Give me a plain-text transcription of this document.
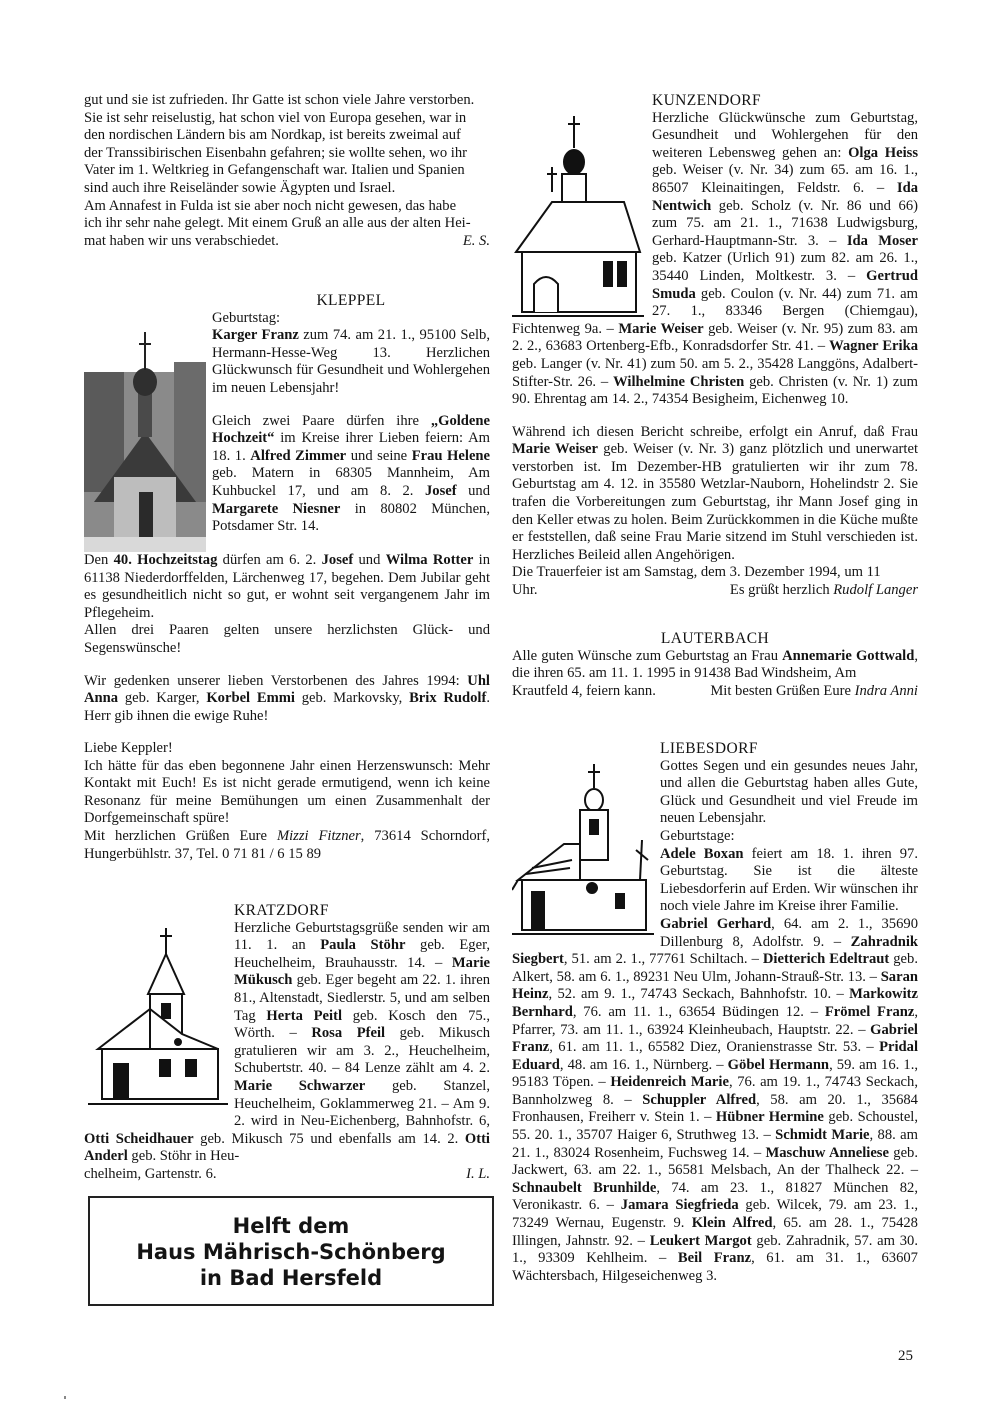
gut und sie ist zufrieden. Ihr Gatte ist schon viele Jahre verstorben.

Sie ist sehr reiselustig, hat schon viel von Europa gesehen, war in

den nordischen Ländern bis am Nordkap, ist bereits zweimal auf

der Transsibirischen Eisenbahn gefahren; sie wollte sehen, wo ihr

Vater im 1. Weltkrieg in Gefangenschaft war. Italien und Spanien

sind auch ihre Reiseländer sowie Ägypten und Israel.

Am Annafest in Fulda ist sie aber noch nicht gewesen, das habe

ich ihr sehr nahe gelegt. Mit einem Gruß an alle aus der alten Hei-

mat haben wir uns verabschiedet.	E. S.

KLEPPEL

Geburtstag:

Karger Franz zum 74. am 21. 1., 95100 Selb, Hermann-Hesse-Weg 13. Herzlichen Glückwunsch für Gesundheit und Wohlergehen im neuen Lebensjahr!

Gleich zwei Paare dürfen ihre „Goldene Hochzeit“ im Kreise ihrer Lieben feiern: Am 18. 1. Alfred Zimmer und seine Frau Helene geb. Matern in 68305 Mannheim, Am Kuhbuckel 17, und am 8. 2. Josef und Margarete Niesner in 80802 München, Potsdamer Str. 14.

Den 40. Hochzeitstag dürfen am 6. 2. Josef und Wilma Rotter in 61138 Niederdorffelden, Lärchenweg 17, begehen. Dem Jubilar geht es gesundheitlich nicht so gut, er wohnt seit vergangenem Jahr im Pflegeheim.

Allen drei Paaren gelten unsere herzlichsten Glück- und Segenswünsche!

Wir gedenken unserer lieben Verstorbenen des Jahres 1994: Uhl Anna geb. Karger, Korbel Emmi geb. Markovsky, Brix Rudolf. Herr gib ihnen die ewige Ruhe!

Liebe Keppler!

Ich hätte für das eben begonnene Jahr einen Herzenswunsch: Mehr Kontakt mit Euch! Es ist nicht gerade ermutigend, wenn ich keine Resonanz für meine Bemühungen um einen Zusammenhalt der Dorfgemeinschaft spüre!

Mit herzlichen Grüßen Eure Mizzi Fitzner, 73614 Schorndorf, Hungerbühlstr. 37, Tel. 0 71 81 / 6 15 89

KRATZDORF

Herzliche Geburtstagsgrüße senden wir am 11. 1. an Paula Stöhr geb. Eger, Heuchelheim, Brauhausstr. 14. – Marie Mükusch geb. Eger begeht am 22. 1. ihren 81., Altenstadt, Siedlerstr. 5, und am selben Tag Herta Peitl geb. Kosch den 75., Wörth. – Rosa Pfeil geb. Mikusch gratulieren wir am 3. 2., Heuchelheim, Schubertstr. 40. – 84 Lenze zählt am 4. 2. Marie Schwarzer geb. Stanzel, Heuchelheim, Goklammerweg 21. – Am 9. 2. wird in Neu-Eichenberg, Bahnhofstr. 6, Otti Scheidhauer geb. Mikusch 75 und ebenfalls am 14. 2. Otti Anderl geb. Stöhr in Heu-

chelheim, Gartenstr. 6.	I. L.

Helft dem
Haus Mährisch-Schönberg
in Bad Hersfeld

KUNZENDORF

Herzliche Glückwünsche zum Geburtstag, Gesundheit und Wohlergehen für den weiteren Lebensweg gehen an: Olga Heiss geb. Weiser (v. Nr. 34) zum 65. am 16. 1., 86507 Kleinaitingen, Feldstr. 6. – Ida Nentwich geb. Scholz (v. Nr. 86 und 66) zum 75. am 21. 1., 71638 Ludwigsburg, Gerhard-Hauptmann-Str. 3. – Ida Moser geb. Katzer (Urlich 91) zum 82. am 26. 1., 35440 Linden, Moltkestr. 3. – Gertrud Smuda geb. Coulon (v. Nr. 44) zum 71. am 27. 1., 83346 Bergen (Chiemgau), Fichtenweg 9a. – Marie Weiser geb. Weiser (v. Nr. 95) zum 83. am 2. 2., 63683 Ortenberg-Efb., Konradsdorfer Str. 41. – Wagner Erika geb. Langer (v. Nr. 41) zum 50. am 5. 2., 35428 Langgöns, Adalbert-Stifter-Str. 26. – Wilhelmine Christen geb. Christen (v. Nr. 1) zum 90. Ehrentag am 14. 2., 74354 Besigheim, Eichenweg 10.

Während ich diesen Bericht schreibe, erfolgt ein Anruf, daß Frau Marie Weiser geb. Weiser (v. Nr. 3) ganz plötzlich und unerwartet verstorben ist. Im Dezember-HB gratulierten wir ihr zum 78. Geburtstag am 4. 12. in 35580 Wetzlar-Nauborn, Hohelindstr 2. Sie trafen die Vorbereitungen zum Geburtstag, ihr Mann Josef ging in den Keller etwas zu holen. Beim Zurückkommen in die Küche mußte er feststellen, daß seine Frau Marie sitzend im Stuhl verschieden ist. Herzliches Beileid allen Angehörigen.

Die Trauerfeier ist am Samstag, dem 3. Dezember 1994, um 11

Uhr.	Es grüßt herzlich Rudolf Langer

LAUTERBACH

Alle guten Wünsche zum Geburtstag an Frau Annemarie Gottwald, die ihren 65. am 11. 1. 1995 in 91438 Bad Windsheim, Am

Krautfeld 4, feiern kann.	Mit besten Grüßen Eure Indra Anni

LIEBESDORF

Gottes Segen und ein gesundes neues Jahr, und allen die Geburtstag haben alles Gute, Glück und Gesundheit und viel Freude im neuen Lebensjahr.

Geburtstage:

Adele Boxan feiert am 18. 1. ihren 97. Geburtstag. Sie ist die älteste Liebesdorferin auf Erden. Wir wünschen ihr noch viele Jahre im Kreise ihrer Familie.

Gabriel Gerhard, 64. am 2. 1., 35690 Dillenburg 8, Adolfstr. 9. – Zahradnik Siegbert, 51. am 2. 1., 77761 Schiltach. – Dietterich Edeltraut geb. Alkert, 58. am 6. 1., 89231 Neu Ulm, Johann-Strauß-Str. 13. – Saran Heinz, 52. am 9. 1., 74743 Seckach, Bahnhofstr. 10. – Markowitz Bernhard, 76. am 11. 1., 63654 Büdingen 12. – Frömel Franz, Pfarrer, 73. am 11. 1., 63924 Kleinheubach, Hauptstr. 22. – Gabriel Franz, 61. am 11. 1., 65582 Diez, Oranienstrasse Str. 53. – Pridal Eduard, 48. am 16. 1., Nürnberg. – Göbel Hermann, 59. am 16. 1., 95183 Töpen. – Heidenreich Marie, 76. am 19. 1., 74743 Seckach, Bannholzweg 8. – Schuppler Alfred, 58. am 20. 1., 35684 Fronhausen, Freiherr v. Stein 1. – Hübner Hermine geb. Schoustel, 55. 20. 1., 35707 Haiger 6, Struthweg 13. – Schmidt Marie, 88. am 21. 1., 83024 Rosenheim, Fuchsweg 14. – Maschuw Anneliese geb. Jackwert, 63. am 22. 1., 56581 Melsbach, An der Thalheck 22. – Schnaubelt Brunhilde, 74. am 23. 1., 81827 München 82, Veronikastr. 6. – Jamara Siegfrieda geb. Wilcek, 79. am 23. 1., 73249 Wernau, Eugenstr. 9. Klein Alfred, 65. am 28. 1., 75428 Illingen, Jahnstr. 92. – Leukert Margot geb. Zahradnik, 57. am 30. 1., 93309 Kehlheim. – Beil Franz, 61. am 31. 1., 63607 Wächtersbach, Hilgeseichenweg 3.

25
